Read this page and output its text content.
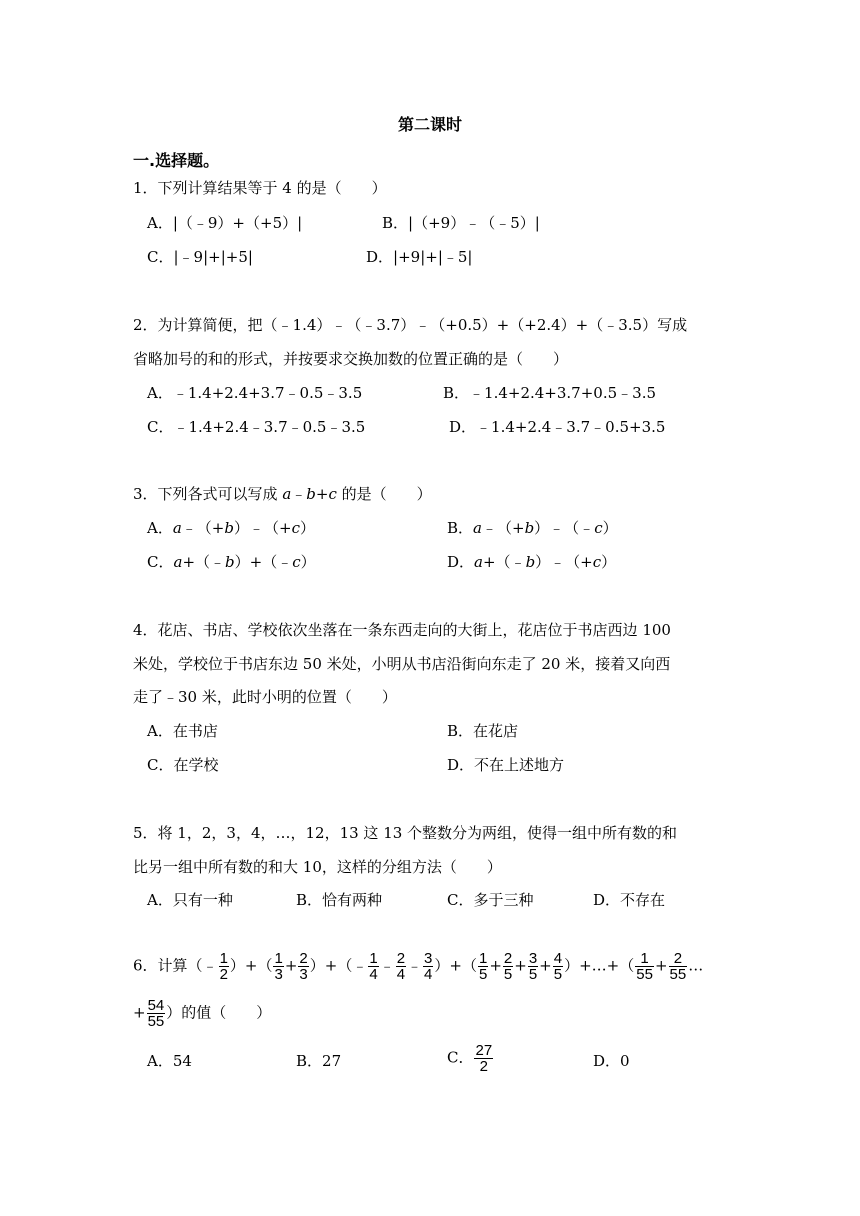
第二课时
一.选择题。
1．下列计算结果等于 4 的是（　　）
A．|（﹣9）+（+5）|	B．|（+9）﹣（﹣5）|
C．|﹣9|+|+5|	D．|+9|+|﹣5|
2．为计算简便，把（﹣1.4）﹣（﹣3.7）﹣（+0.5）+（+2.4）+（﹣3.5）写成
省略加号的和的形式，并按要求交换加数的位置正确的是（　　）
A．﹣1.4+2.4+3.7﹣0.5﹣3.5	B．﹣1.4+2.4+3.7+0.5﹣3.5
C．﹣1.4+2.4﹣3.7﹣0.5﹣3.5	D．﹣1.4+2.4﹣3.7﹣0.5+3.5
3．下列各式可以写成 a﹣b+c 的是（　　）
A．a﹣（+b）﹣（+c）	B．a﹣（+b）﹣（﹣c）
C．a+（﹣b）+（﹣c）	D．a+（﹣b）﹣（+c）
4．花店、书店、学校依次坐落在一条东西走向的大街上，花店位于书店西边 100
米处，学校位于书店东边 50 米处，小明从书店沿街向东走了 20 米，接着又向西
走了﹣30 米，此时小明的位置（　　）
A．在书店	B．在花店
C．在学校	D．不在上述地方
5．将 1，2，3，4，…，12，13 这 13 个整数分为两组，使得一组中所有数的和
比另一组中所有数的和大 10，这样的分组方法（　　）
A．只有一种	B．恰有两种	C．多于三种	D．不存在
6．计算（﹣ $\frac{1}{2}$ ）+（ $\frac{1}{3} + \frac{2}{3}$ ）+（﹣ $\frac{1}{4}$ ﹣ $\frac{2}{4}$ ﹣ $\frac{3}{4}$ ）+（ $\frac{1}{5} + \frac{2}{5} + \frac{3}{5} + \frac{4}{5}$ ）+…+（ $\frac{1}{55} + \frac{2}{55}$ …
+ $\frac{54}{55}$ ）的值（　　）
A．54	B．27	C． $\frac{27}{2}$	D．0
